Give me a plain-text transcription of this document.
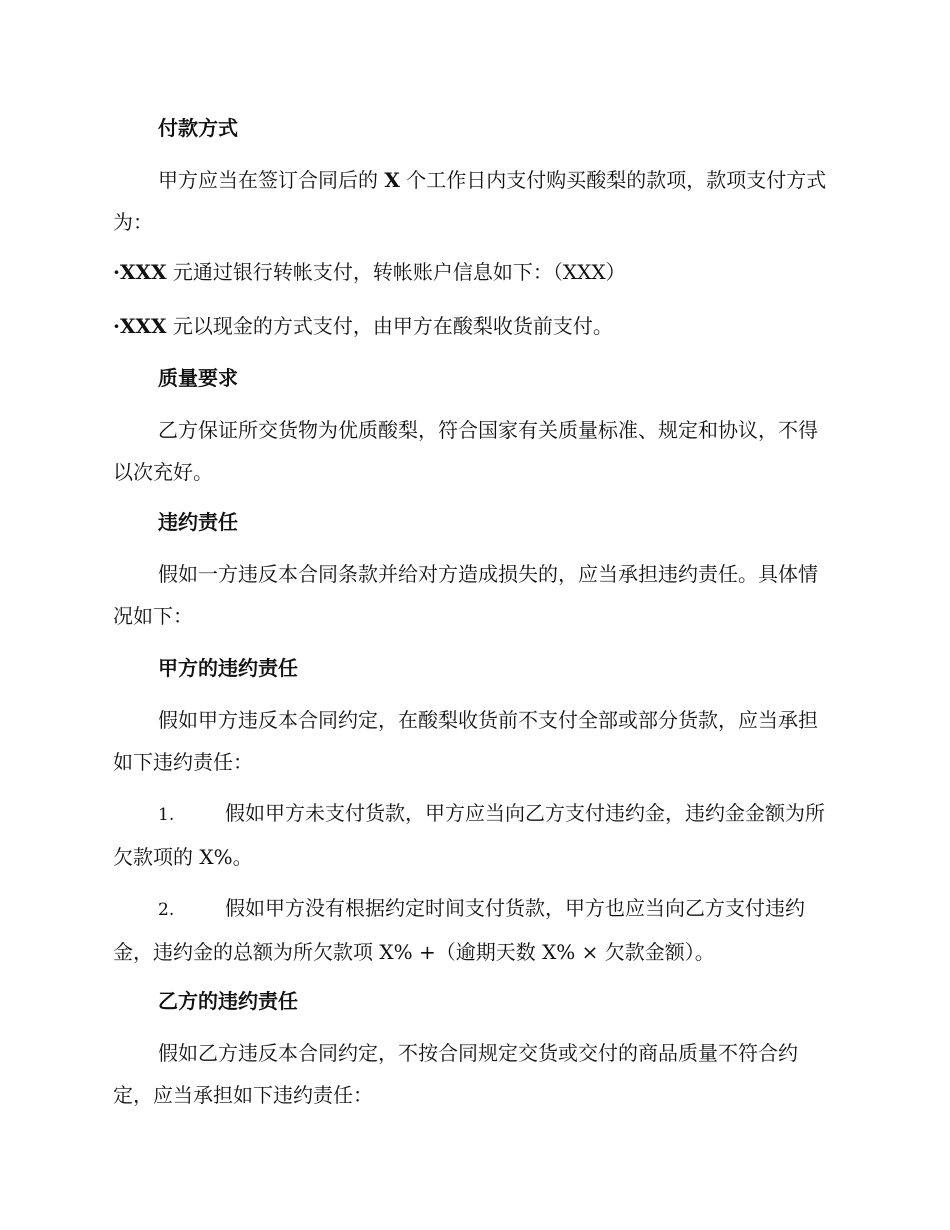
付款方式
甲方应当在签订合同后的 X 个工作日内支付购买酸梨的款项，款项支付方式为：
·XXX 元通过银行转帐支付，转帐账户信息如下：（XXX）
·XXX 元以现金的方式支付，由甲方在酸梨收货前支付。
质量要求
乙方保证所交货物为优质酸梨，符合国家有关质量标准、规定和协议，不得以次充好。
违约责任
假如一方违反本合同条款并给对方造成损失的，应当承担违约责任。具体情况如下：
甲方的违约责任
假如甲方违反本合同约定，在酸梨收货前不支付全部或部分货款，应当承担如下违约责任：
1.	假如甲方未支付货款，甲方应当向乙方支付违约金，违约金金额为所欠款项的 X%。
2.	假如甲方没有根据约定时间支付货款，甲方也应当向乙方支付违约金，违约金的总额为所欠款项 X% +（逾期天数 X% × 欠款金额）。
乙方的违约责任
假如乙方违反本合同约定，不按合同规定交货或交付的商品质量不符合约定，应当承担如下违约责任：
